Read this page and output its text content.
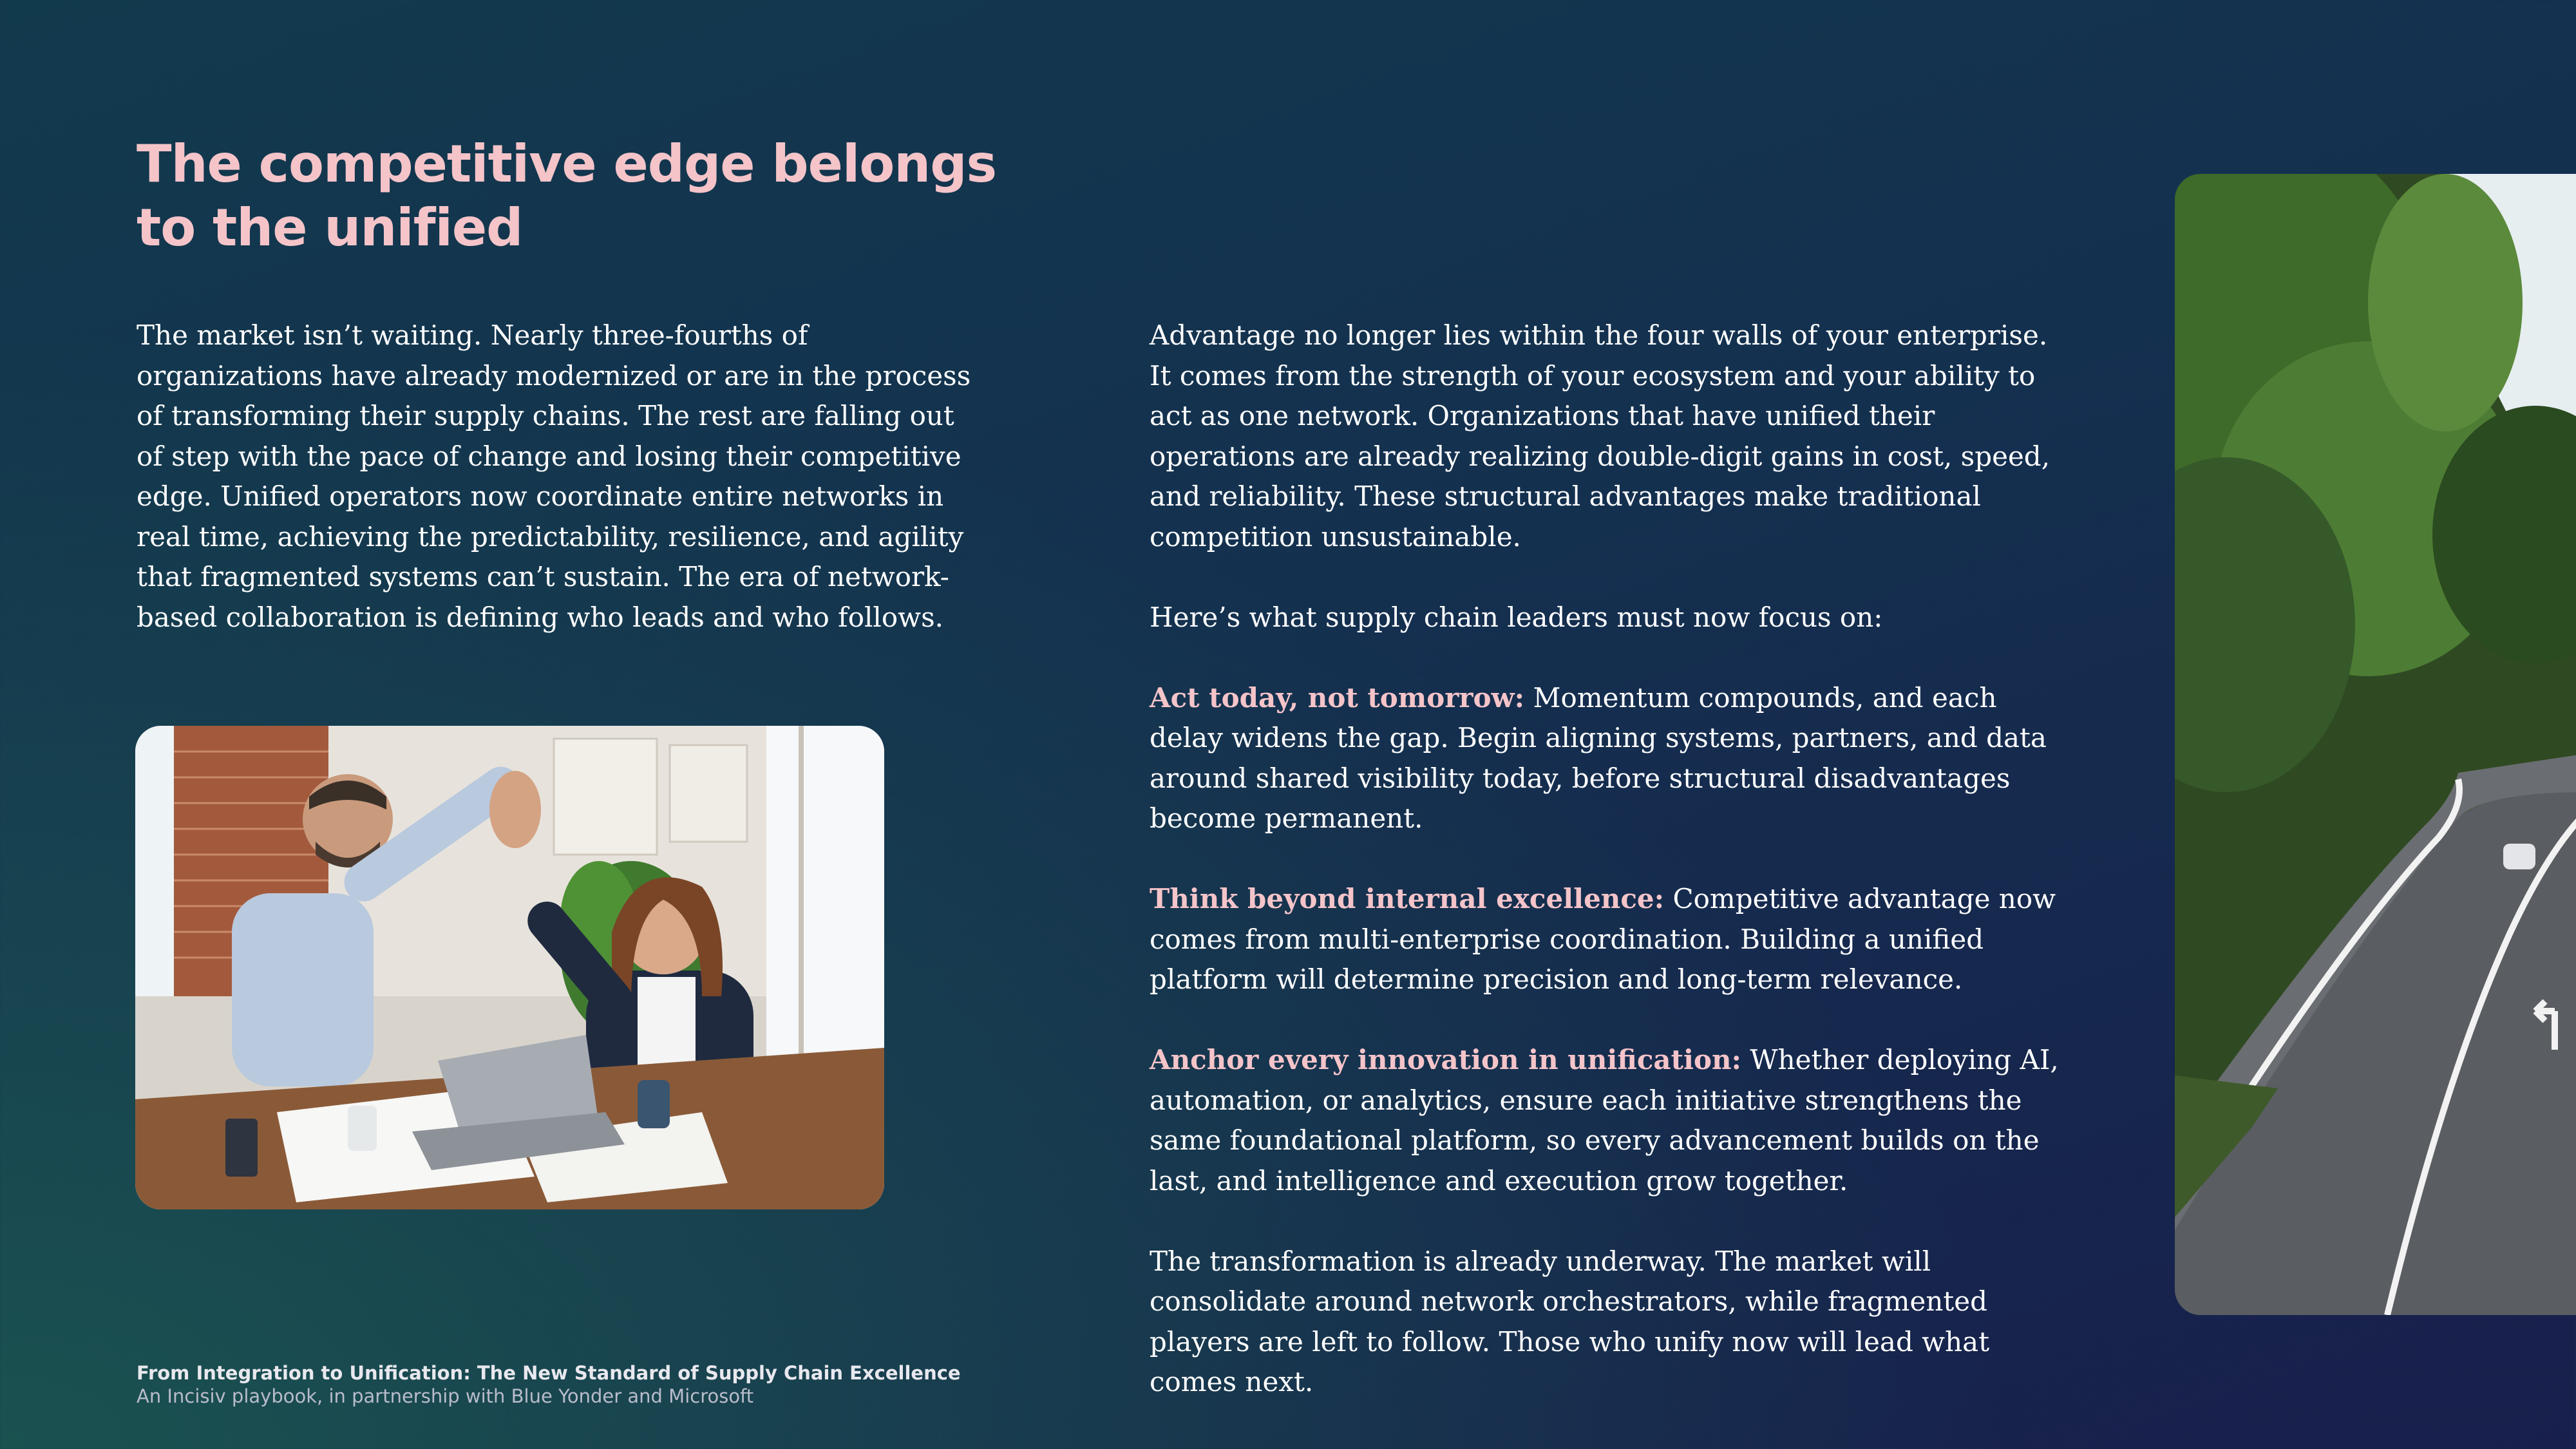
The competitive edge belongs to the unified

The market isn’t waiting. Nearly three-fourths of organizations have already modernized or are in the process of transforming their supply chains. The rest are falling out of step with the pace of change and losing their competitive edge. Unified operators now coordinate entire networks in real time, achieving the predictability, resilience, and agility that fragmented systems can’t sustain. The era of network-based collaboration is defining who leads and who follows.

Advantage no longer lies within the four walls of your enterprise. It comes from the strength of your ecosystem and your ability to act as one network. Organizations that have unified their operations are already realizing double-digit gains in cost, speed, and reliability. These structural advantages make traditional competition unsustainable.

Here’s what supply chain leaders must now focus on:

Act today, not tomorrow: Momentum compounds, and each delay widens the gap. Begin aligning systems, partners, and data around shared visibility today, before structural disadvantages become permanent.

Think beyond internal excellence: Competitive advantage now comes from multi-enterprise coordination. Building a unified platform will determine precision and long-term relevance.

Anchor every innovation in unification: Whether deploying AI, automation, or analytics, ensure each initiative strengthens the same foundational platform, so every advancement builds on the last, and intelligence and execution grow together.

The transformation is already underway. The market will consolidate around network orchestrators, while fragmented players are left to follow. Those who unify now will lead what comes next.

From Integration to Unification: The New Standard of Supply Chain Excellence

An Incisiv playbook, in partnership with Blue Yonder and Microsoft
